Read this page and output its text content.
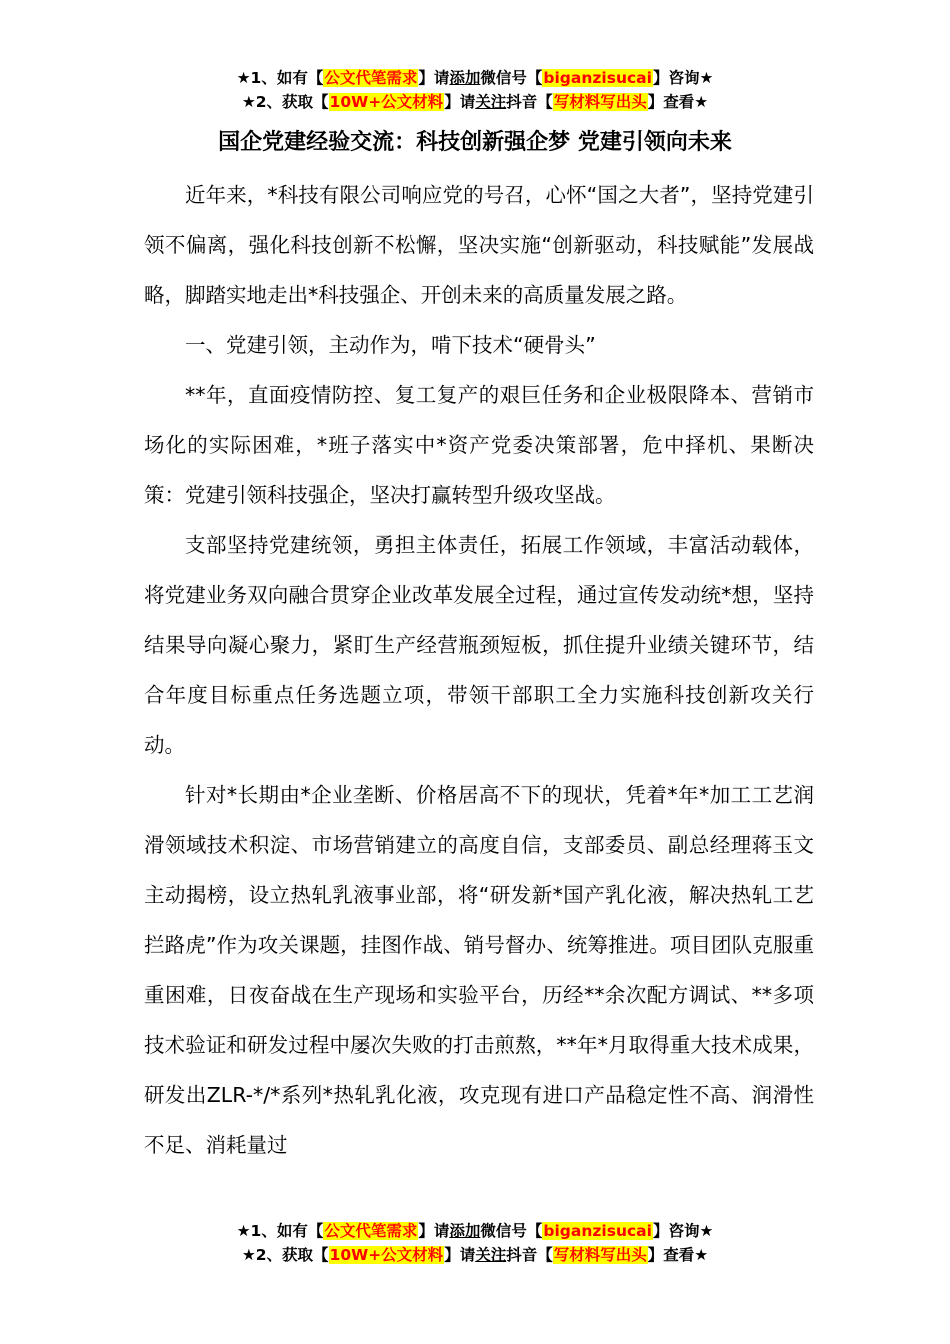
★1、如有【公文代笔需求】请添加微信号【biganzisucai】咨询★
★2、获取【10W+公文材料】请关注抖音【写材料写出头】查看★
国企党建经验交流：科技创新强企梦 党建引领向未来

近年来，*科技有限公司响应党的号召，心怀“国之大者”，坚持党建引领不偏离，强化科技创新不松懈，坚决实施“创新驱动，科技赋能”发展战略，脚踏实地走出*科技强企、开创未来的高质量发展之路。

一、党建引领，主动作为，啃下技术“硬骨头”

**年，直面疫情防控、复工复产的艰巨任务和企业极限降本、营销市场化的实际困难，*班子落实中*资产党委决策部署，危中择机、果断决策：党建引领科技强企，坚决打赢转型升级攻坚战。

支部坚持党建统领，勇担主体责任，拓展工作领域，丰富活动载体，将党建业务双向融合贯穿企业改革发展全过程，通过宣传发动统*想，坚持结果导向凝心聚力，紧盯生产经营瓶颈短板，抓住提升业绩关键环节，结合年度目标重点任务选题立项，带领干部职工全力实施科技创新攻关行动。

针对*长期由*企业垄断、价格居高不下的现状，凭着*年*加工工艺润滑领域技术积淀、市场营销建立的高度自信，支部委员、副总经理蒋玉文主动揭榜，设立热轧乳液事业部，将“研发新*国产乳化液，解决热轧工艺拦路虎”作为攻关课题，挂图作战、销号督办、统筹推进。项目团队克服重重困难，日夜奋战在生产现场和实验平台，历经**余次配方调试、**多项技术验证和研发过程中屡次失败的打击煎熬，**年*月取得重大技术成果，研发出ZLR-*/*系列*热轧乳化液，攻克现有进口产品稳定性不高、润滑性不足、消耗量过

★1、如有【公文代笔需求】请添加微信号【biganzisucai】咨询★
★2、获取【10W+公文材料】请关注抖音【写材料写出头】查看★
